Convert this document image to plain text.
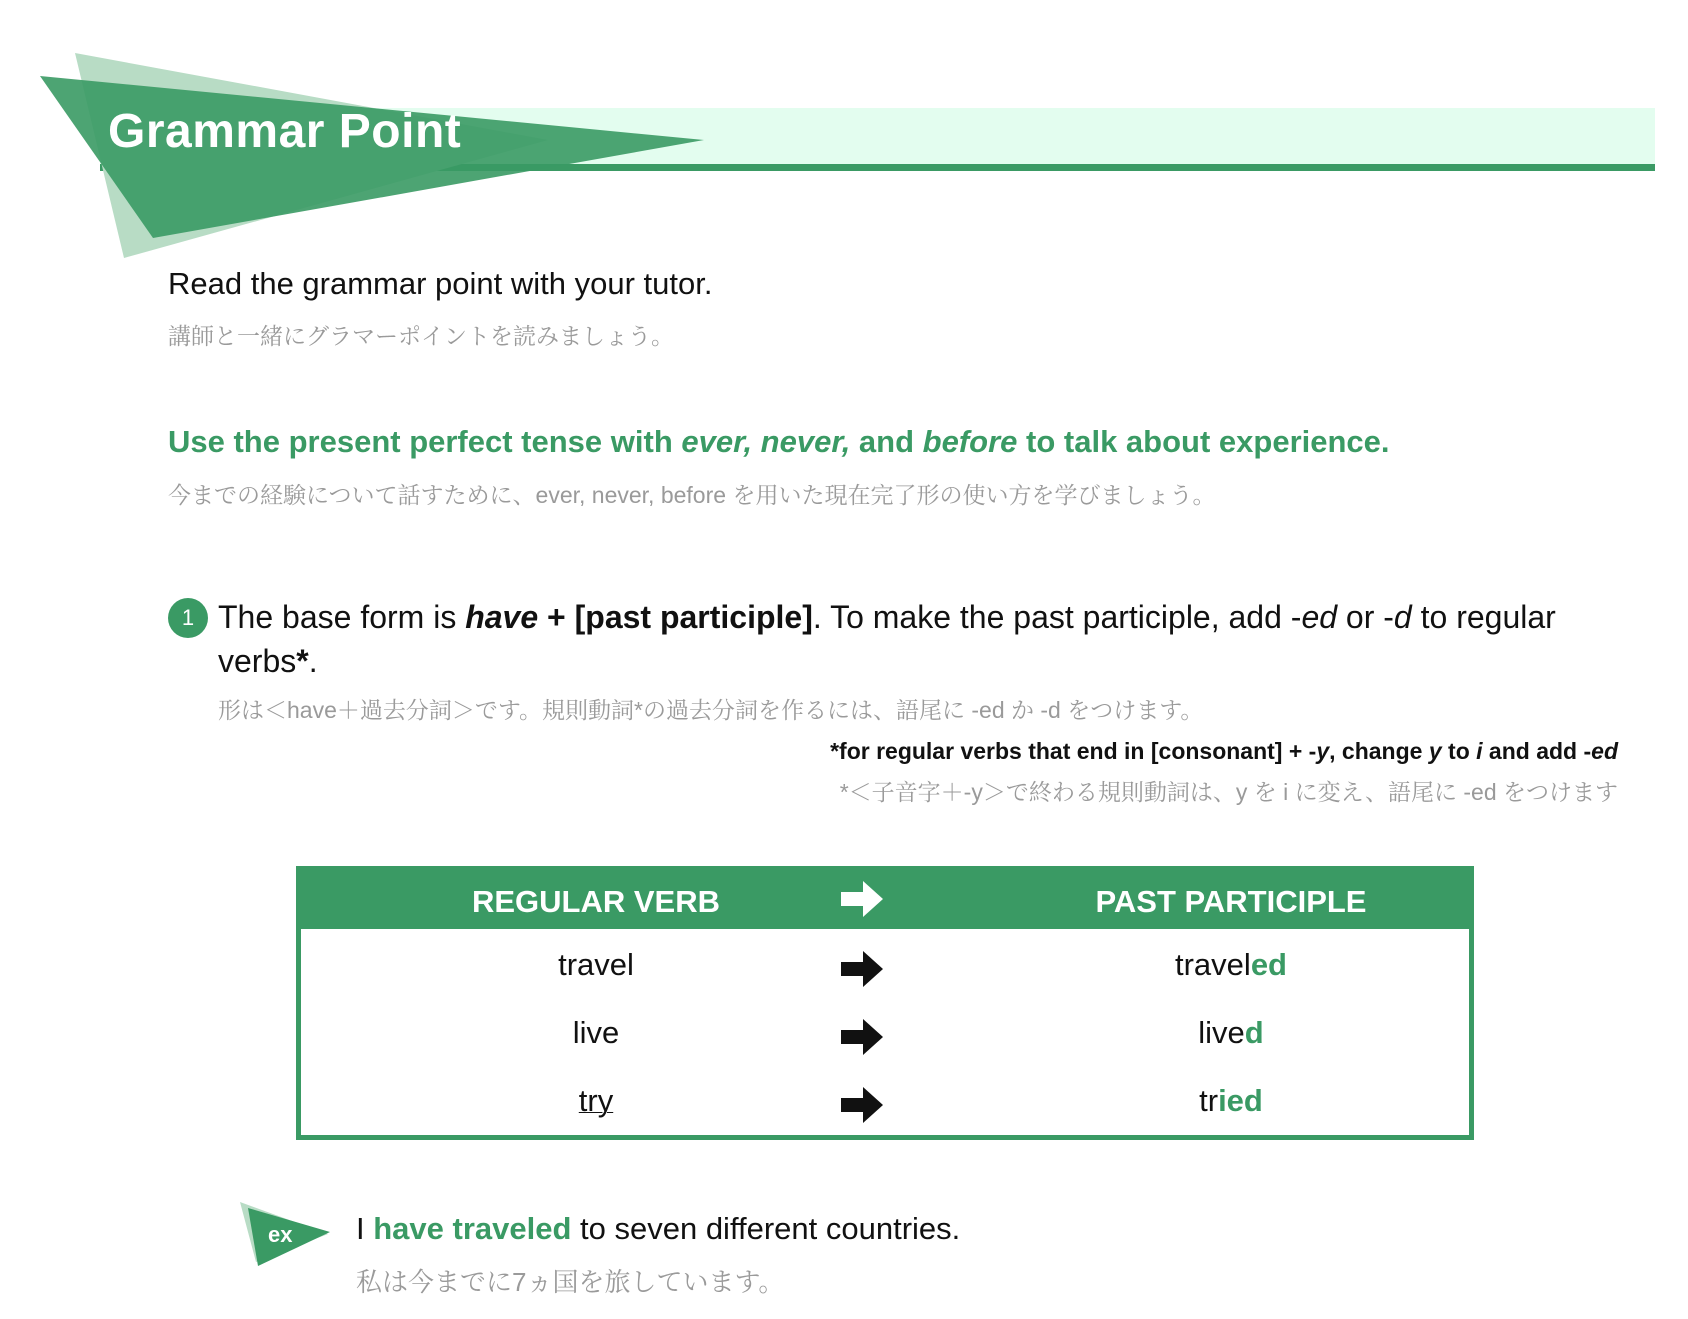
Grammar Point
Read the grammar point with your tutor.
講師と一緒にグラマーポイントを読みましょう。
Use the present perfect tense with ever, never, and before to talk about experience.
今までの経験について話すために、ever, never, before を用いた現在完了形の使い方を学びましょう。
1 The base form is have + [past participle]. To make the past participle, add -ed or -d to regular verbs*.
形は＜have＋過去分詞＞です。規則動詞*の過去分詞を作るには、語尾に -ed か -d をつけます。
*for regular verbs that end in [consonant] + -y, change y to i and add -ed
*＜子音字＋-y＞で終わる規則動詞は、y を i に変え、語尾に -ed をつけます
REGULAR VERB	PAST PARTICIPLE
travel	traveled
live	lived
try	tried
ex I have traveled to seven different countries.
私は今までに7ヵ国を旅しています。
